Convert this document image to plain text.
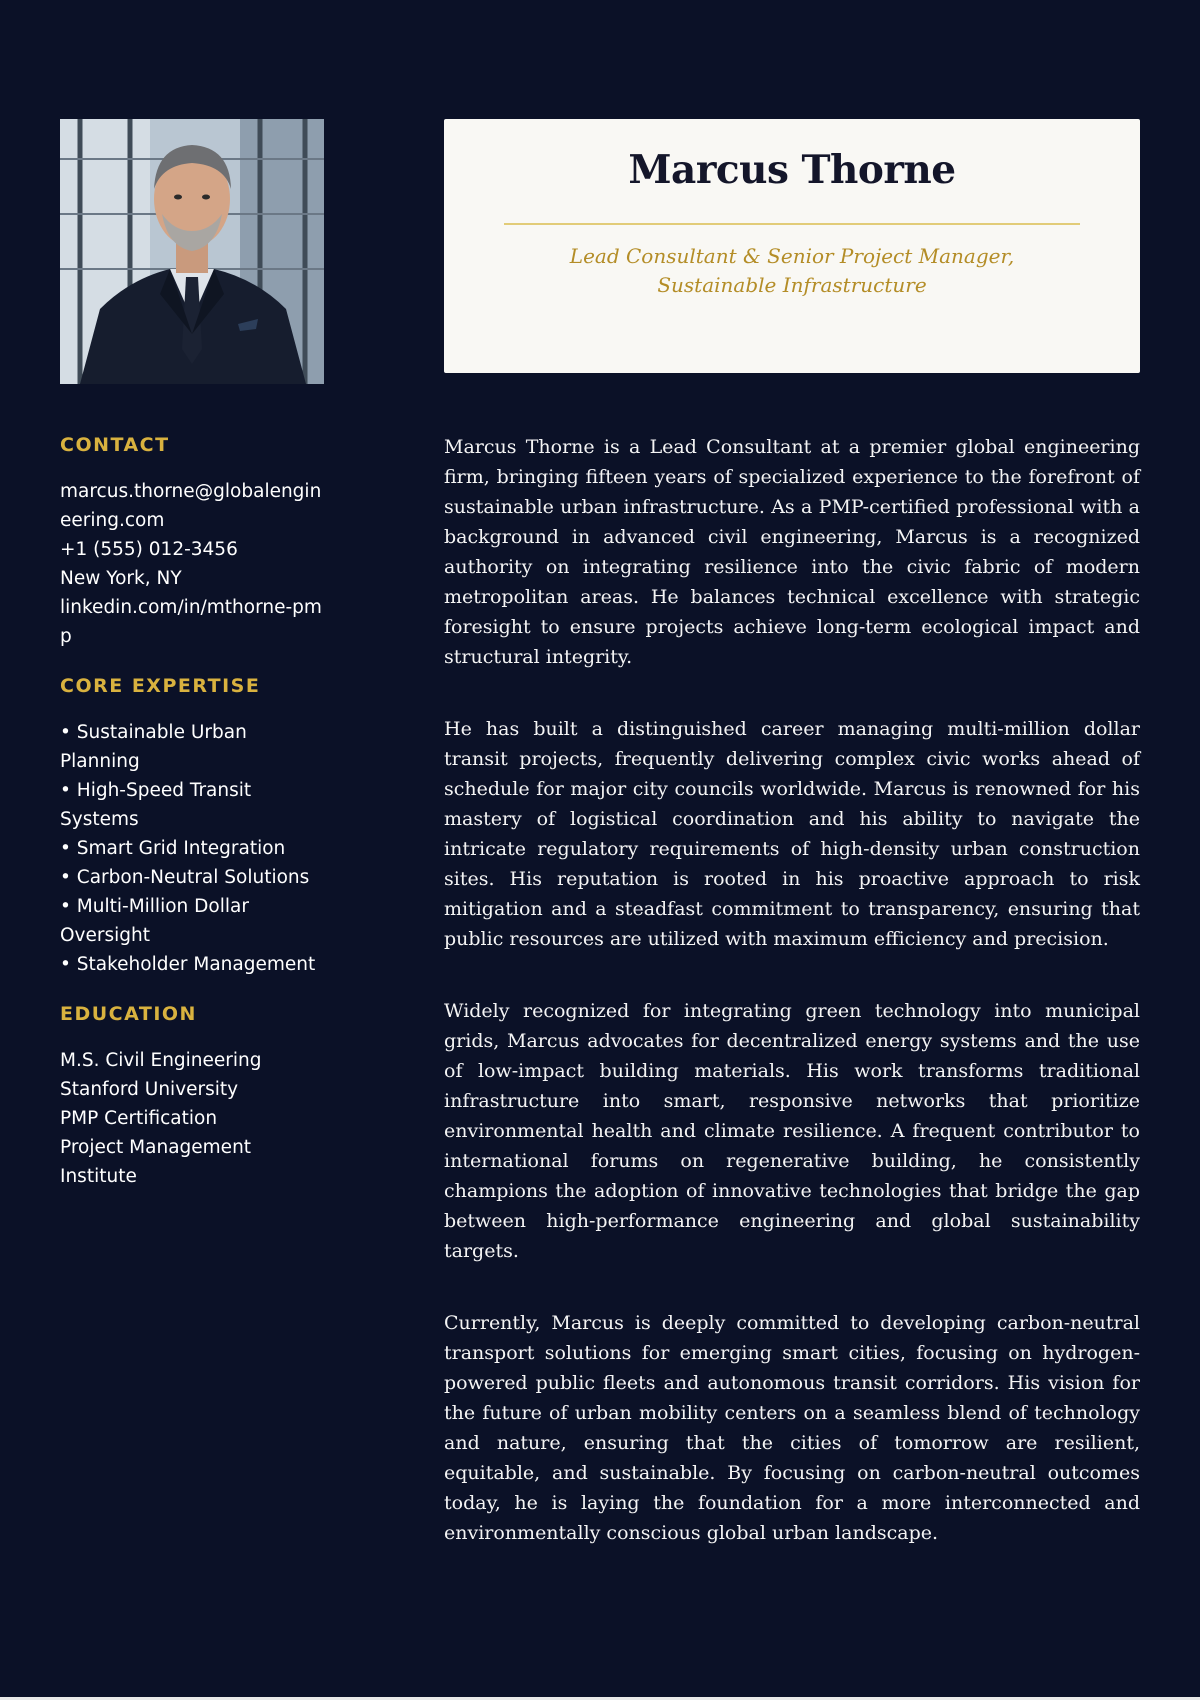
CONTACT
marcus.thorne@globalengineering.com
+1 (555) 012-3456
New York, NY
linkedin.com/in/mthorne-pmp
CORE EXPERTISE
• Sustainable Urban Planning
• High-Speed Transit Systems
• Smart Grid Integration
• Carbon-Neutral Solutions
• Multi-Million Dollar Oversight
• Stakeholder Management
EDUCATION
M.S. Civil Engineering
Stanford University
PMP Certification
Project Management Institute
Marcus Thorne
Lead Consultant & Senior Project Manager, Sustainable Infrastructure

Marcus Thorne is a Lead Consultant at a premier global engineering firm, bringing fifteen years of specialized experience to the forefront of sustainable urban infrastructure. As a PMP-certified professional with a background in advanced civil engineering, Marcus is a recognized authority on integrating resilience into the civic fabric of modern metropolitan areas. He balances technical excellence with strategic foresight to ensure projects achieve long-term ecological impact and structural integrity.

He has built a distinguished career managing multi-million dollar transit projects, frequently delivering complex civic works ahead of schedule for major city councils worldwide. Marcus is renowned for his mastery of logistical coordination and his ability to navigate the intricate regulatory requirements of high-density urban construction sites. His reputation is rooted in his proactive approach to risk mitigation and a steadfast commitment to transparency, ensuring that public resources are utilized with maximum efficiency and precision.

Widely recognized for integrating green technology into municipal grids, Marcus advocates for decentralized energy systems and the use of low-impact building materials. His work transforms traditional infrastructure into smart, responsive networks that prioritize environmental health and climate resilience. A frequent contributor to international forums on regenerative building, he consistently champions the adoption of innovative technologies that bridge the gap between high-performance engineering and global sustainability targets.

Currently, Marcus is deeply committed to developing carbon-neutral transport solutions for emerging smart cities, focusing on hydrogen-powered public fleets and autonomous transit corridors. His vision for the future of urban mobility centers on a seamless blend of technology and nature, ensuring that the cities of tomorrow are resilient, equitable, and sustainable. By focusing on carbon-neutral outcomes today, he is laying the foundation for a more interconnected and environmentally conscious global urban landscape.
